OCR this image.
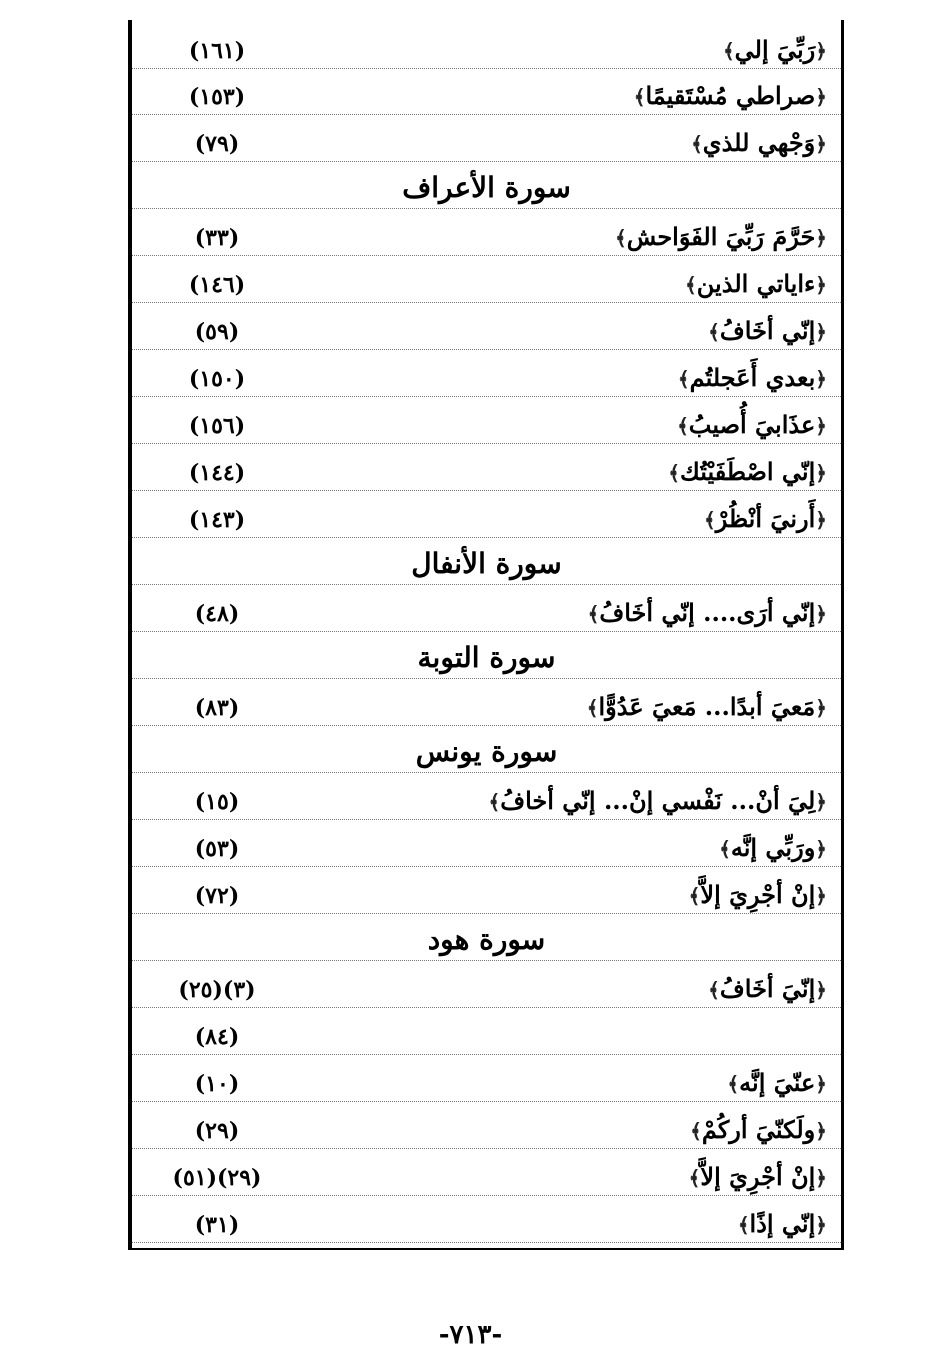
﴿رَبِّيَ إلي﴾
(١٦١)
﴿صراطي مُسْتَقيمًا﴾
(١٥٣)
﴿وَجْهي للذي﴾
(٧٩)
سورة الأعراف
﴿حَرَّمَ رَبِّيَ الفَوَاحش﴾
(٣٣)
﴿ءاياتي الذين﴾
(١٤٦)
﴿إنّي أخَافُ﴾
(٥٩)
﴿بعدي أَعَجلتُم﴾
(١٥٠)
﴿عذَابيَ أُصيبُ﴾
(١٥٦)
﴿إنّي اصْطَفَيْتُك﴾
(١٤٤)
﴿أَرنيَ أنْظُرْ﴾
(١٤٣)
سورة الأنفال
﴿إنّي أرَى.... إنّي أخَافُ﴾
(٤٨)
سورة التوبة
﴿مَعيَ أبدًا... مَعيَ عَدُوًّا﴾
(٨٣)
سورة يونس
﴿لِيَ أنْ... نَفْسي إنْ... إنّي أخافُ﴾
(١٥)
﴿ورَبِّي إنَّه﴾
(٥٣)
﴿إنْ أجْرِيَ إلاَّ﴾
(٧٢)
سورة هود
﴿إنّيَ أخَافُ﴾
(٣)(٢٥)
(٨٤)
﴿عنّيَ إنَّه﴾
(١٠)
﴿ولَكنّيَ أركُمْ﴾
(٢٩)
﴿إنْ أجْرِيَ إلاَّ﴾
(٢٩)(٥١)
﴿إنّي إذًا﴾
(٣١)
-٧١٣-
